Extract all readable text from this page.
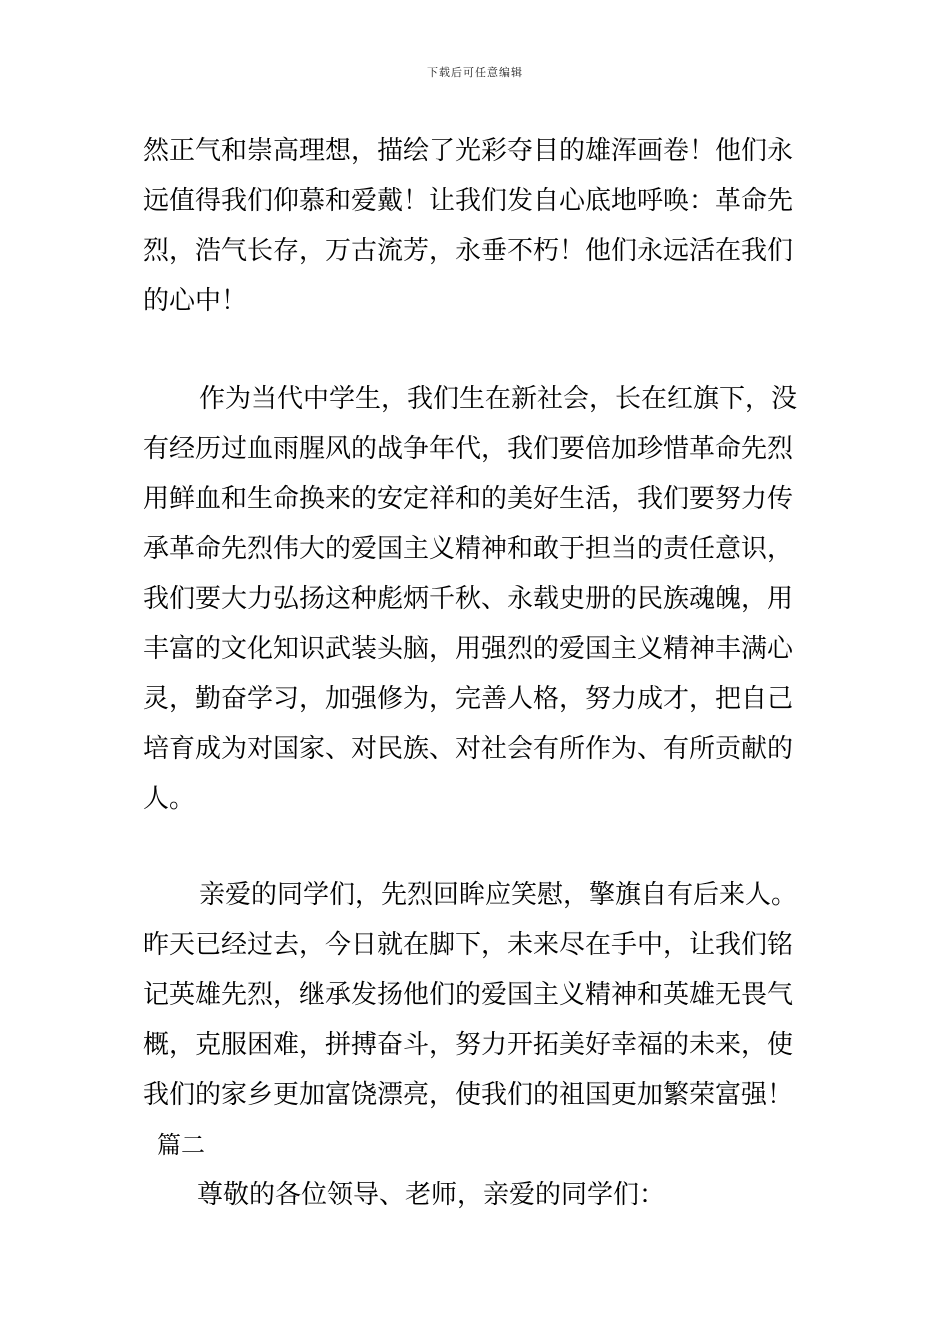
下载后可任意编辑
然正气和崇高理想，描绘了光彩夺目的雄浑画卷！他们永
远值得我们仰慕和爱戴！让我们发自心底地呼唤：革命先
烈，浩气长存，万古流芳，永垂不朽！他们永远活在我们
的心中！
作为当代中学生，我们生在新社会，长在红旗下，没
有经历过血雨腥风的战争年代，我们要倍加珍惜革命先烈
用鲜血和生命换来的安定祥和的美好生活，我们要努力传
承革命先烈伟大的爱国主义精神和敢于担当的责任意识，
我们要大力弘扬这种彪炳千秋、永载史册的民族魂魄，用
丰富的文化知识武装头脑，用强烈的爱国主义精神丰满心
灵，勤奋学习，加强修为，完善人格，努力成才，把自己
培育成为对国家、对民族、对社会有所作为、有所贡献的
人。
亲爱的同学们，先烈回眸应笑慰，擎旗自有后来人。
昨天已经过去，今日就在脚下，未来尽在手中，让我们铭
记英雄先烈，继承发扬他们的爱国主义精神和英雄无畏气
概，克服困难，拼搏奋斗，努力开拓美好幸福的未来，使
我们的家乡更加富饶漂亮，使我们的祖国更加繁荣富强！
篇二
尊敬的各位领导、老师，亲爱的同学们：
